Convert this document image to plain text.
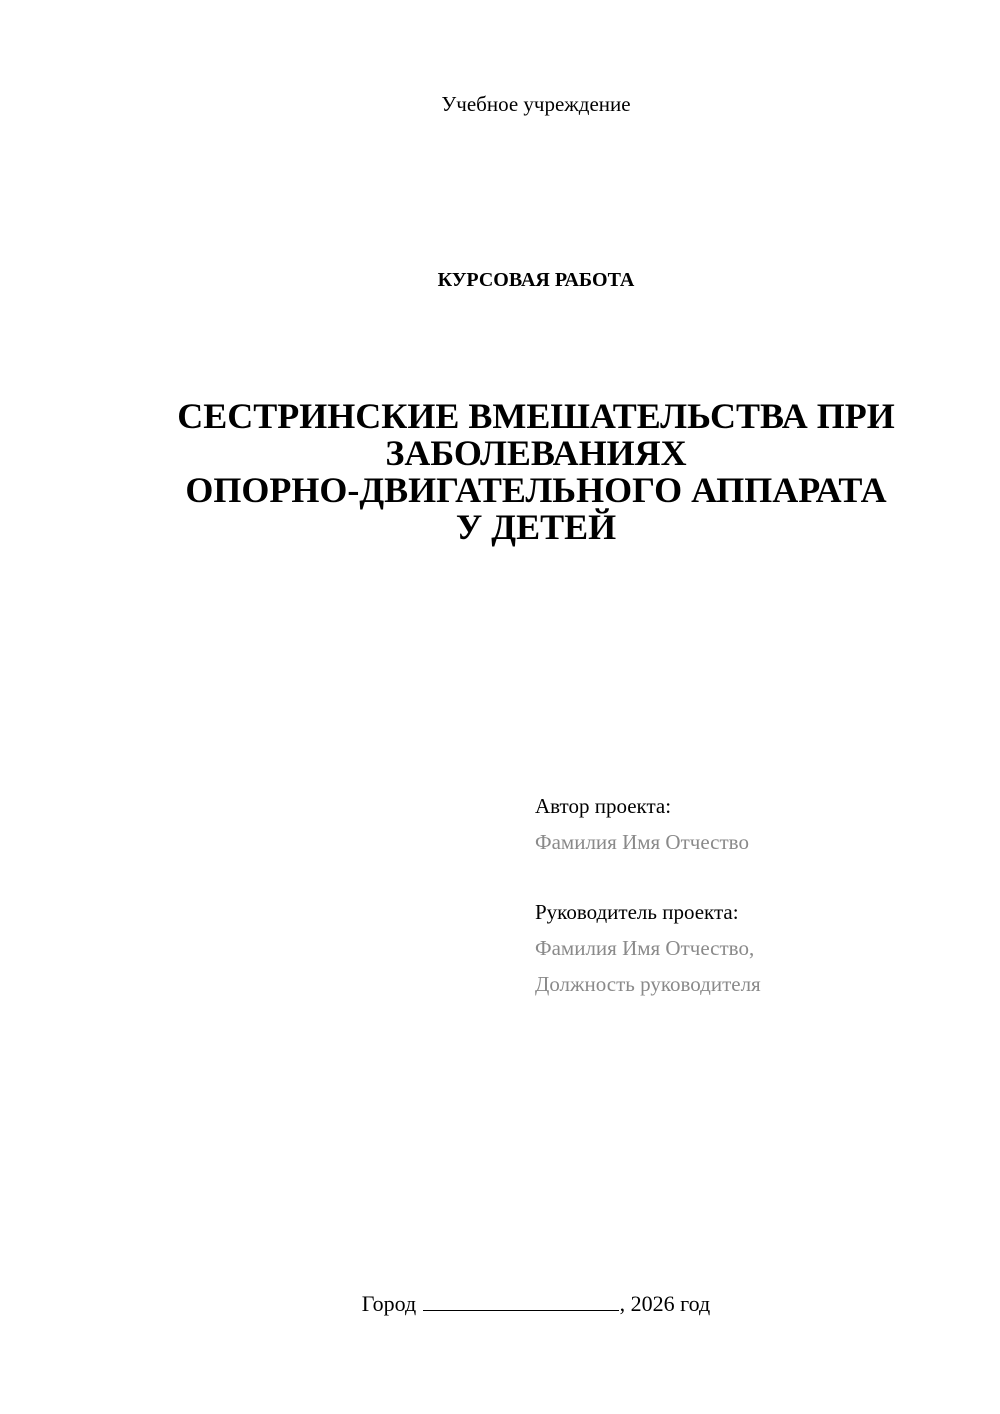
Учебное учреждение
КУРСОВАЯ РАБОТА
СЕСТРИНСКИЕ ВМЕШАТЕЛЬСТВА ПРИ
ЗАБОЛЕВАНИЯХ
ОПОРНО-ДВИГАТЕЛЬНОГО АППАРАТА
У ДЕТЕЙ
Автор проекта:
Фамилия Имя Отчество
Руководитель проекта:
Фамилия Имя Отчество,
Должность руководителя
Город	, 2026 год
